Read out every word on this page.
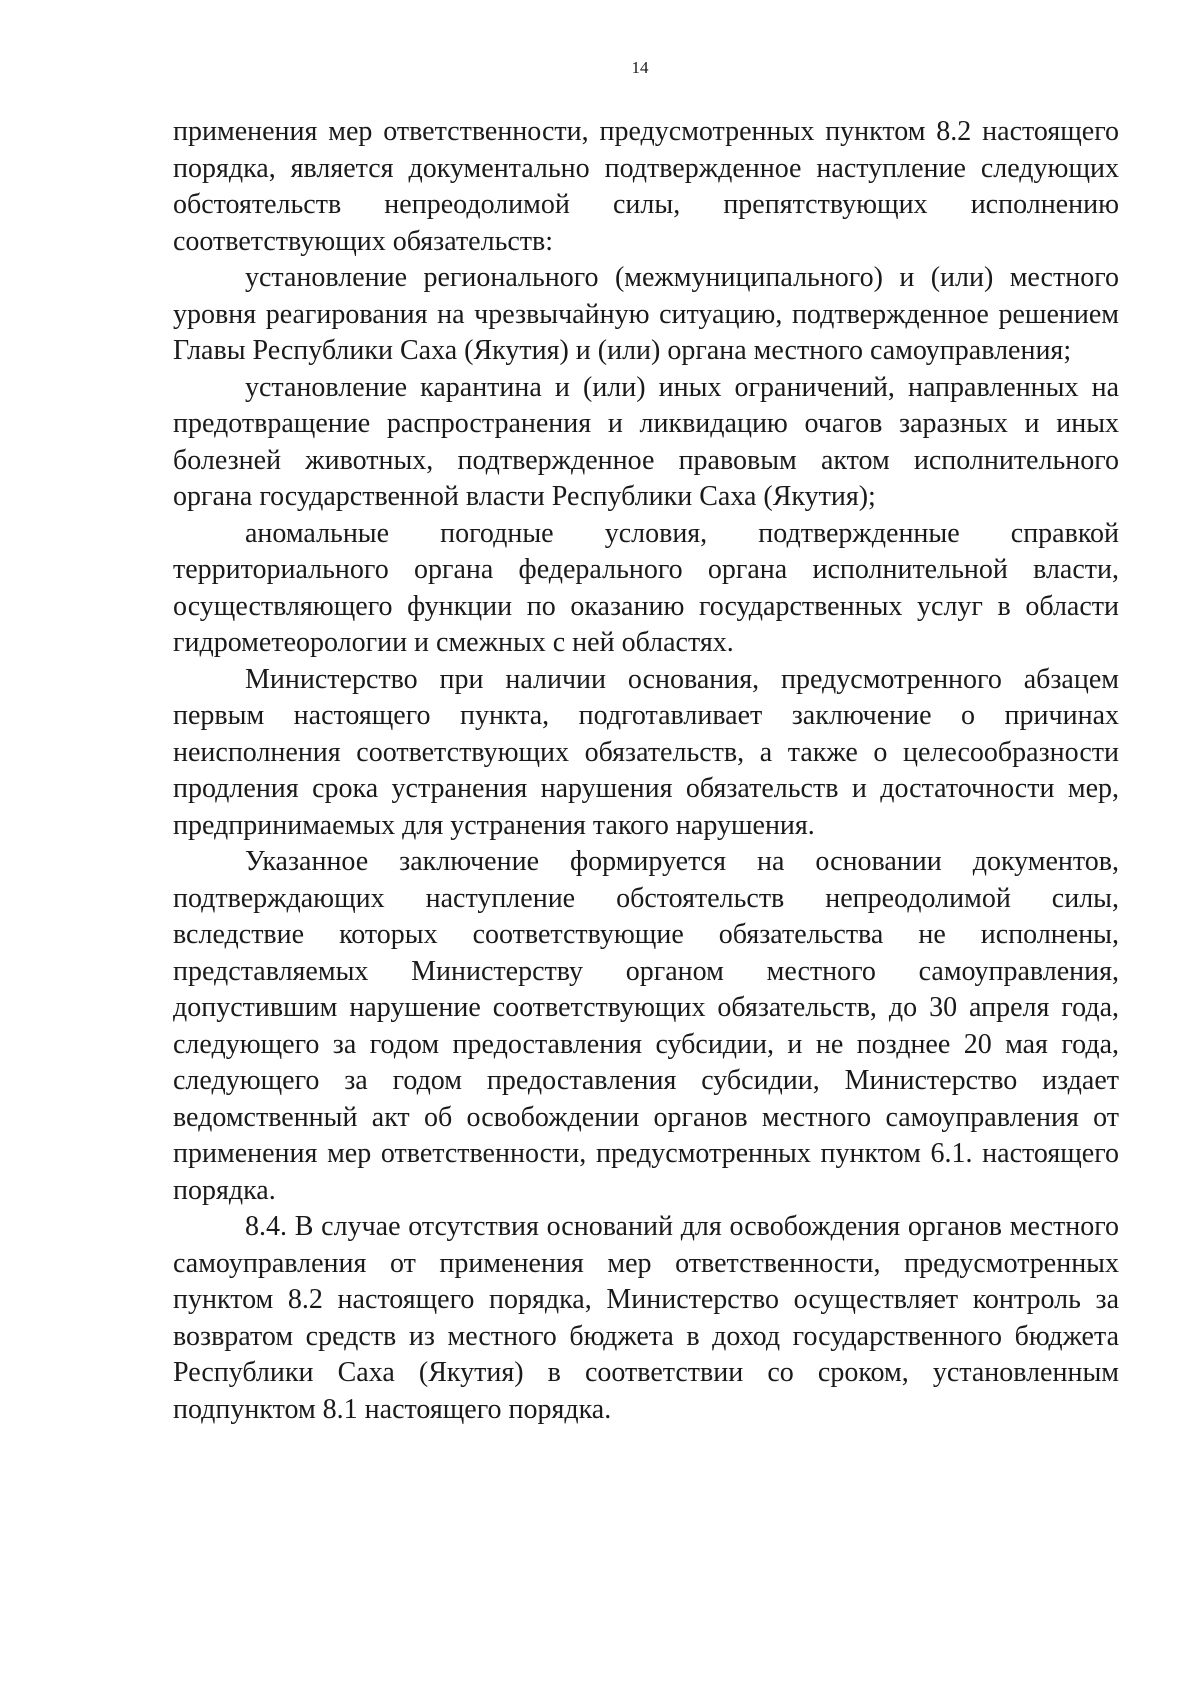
14

применения мер ответственности, предусмотренных пунктом 8.2 настоящего порядка, является документально подтвержденное наступление следующих обстоятельств непреодолимой силы, препятствующих исполнению соответствующих обязательств:

установление регионального (межмуниципального) и (или) местного уровня реагирования на чрезвычайную ситуацию, подтвержденное решением Главы Республики Саха (Якутия) и (или) органа местного самоуправления;

установление карантина и (или) иных ограничений, направленных на предотвращение распространения и ликвидацию очагов заразных и иных болезней животных, подтвержденное правовым актом исполнительного органа государственной власти Республики Саха (Якутия);

аномальные погодные условия, подтвержденные справкой территориального органа федерального органа исполнительной власти, осуществляющего функции по оказанию государственных услуг в области гидрометеорологии и смежных с ней областях.

Министерство при наличии основания, предусмотренного абзацем первым настоящего пункта, подготавливает заключение о причинах неисполнения соответствующих обязательств, а также о целесообразности продления срока устранения нарушения обязательств и достаточности мер, предпринимаемых для устранения такого нарушения.

Указанное заключение формируется на основании документов, подтверждающих наступление обстоятельств непреодолимой силы, вследствие которых соответствующие обязательства не исполнены, представляемых Министерству органом местного самоуправления, допустившим нарушение соответствующих обязательств, до 30 апреля года, следующего за годом предоставления субсидии, и не позднее 20 мая года, следующего за годом предоставления субсидии, Министерство издает ведомственный акт об освобождении органов местного самоуправления от применения мер ответственности, предусмотренных пунктом 6.1. настоящего порядка.

8.4. В случае отсутствия оснований для освобождения органов местного самоуправления от применения мер ответственности, предусмотренных пунктом 8.2 настоящего порядка, Министерство осуществляет контроль за возвратом средств из местного бюджета в доход государственного бюджета Республики Саха (Якутия) в соответствии со сроком, установленным подпунктом 8.1 настоящего порядка.
